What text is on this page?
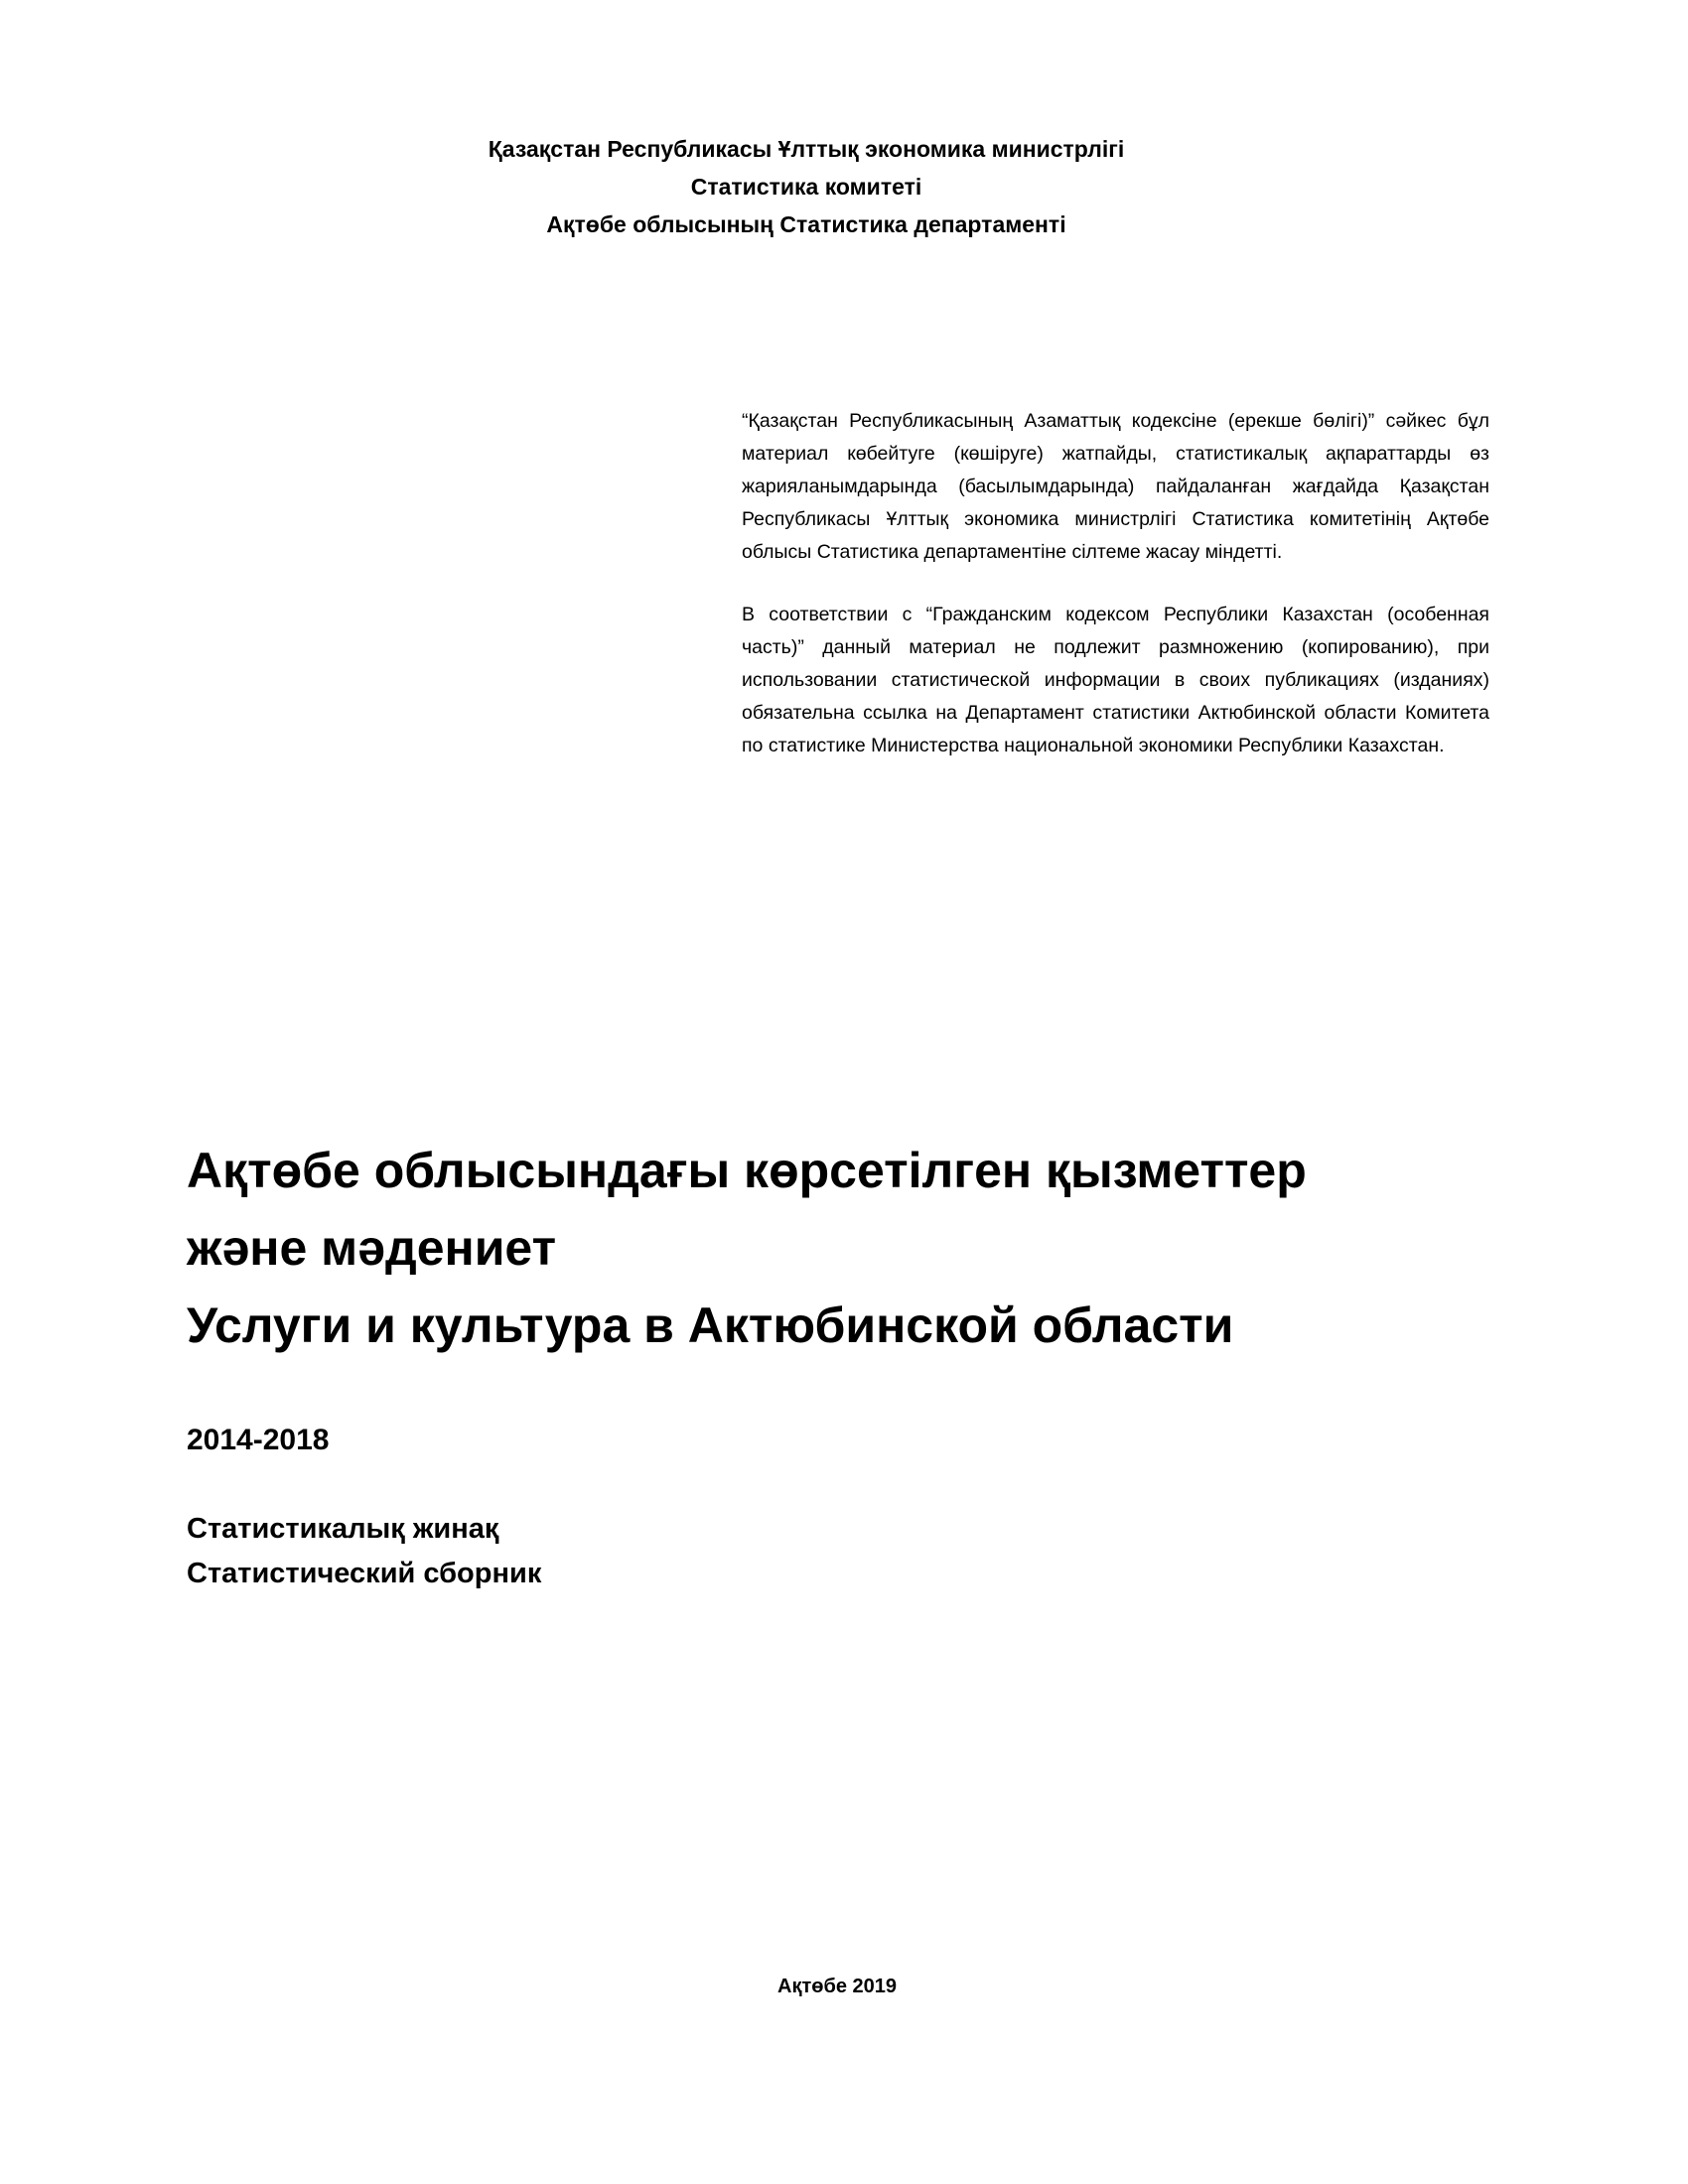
Қазақстан Республикасы Ұлттық экономика министрлігі
Статистика комитеті
Ақтөбе облысының Статистика департаменті

“Қазақстан Республикасының Азаматтық кодексіне (ерекше бөлігі)” сәйкес бұл материал көбейтуге (көшіруге) жатпайды, статистикалық ақпараттарды өз жарияланымдарында (басылымдарында) пайдаланған жағдайда Қазақстан Республикасы Ұлттық экономика министрлігі Статистика комитетінің Ақтөбе облысы Статистика департаментіне сілтеме жасау міндетті.

В соответствии с “Гражданским кодексом Республики Казахстан (особенная часть)” данный материал не подлежит размножению (копированию), при использовании статистической информации в своих публикациях (изданиях) обязательна ссылка на Департамент статистики Актюбинской области Комитета по статистике Министерства национальной экономики Республики Казахстан.

Ақтөбе облысындағы көрсетілген қызметтер
және мәдениет
Услуги и культура в Актюбинской области
2014-2018
Статистикалық жинақ
Статистический сборник
Ақтөбе 2019
